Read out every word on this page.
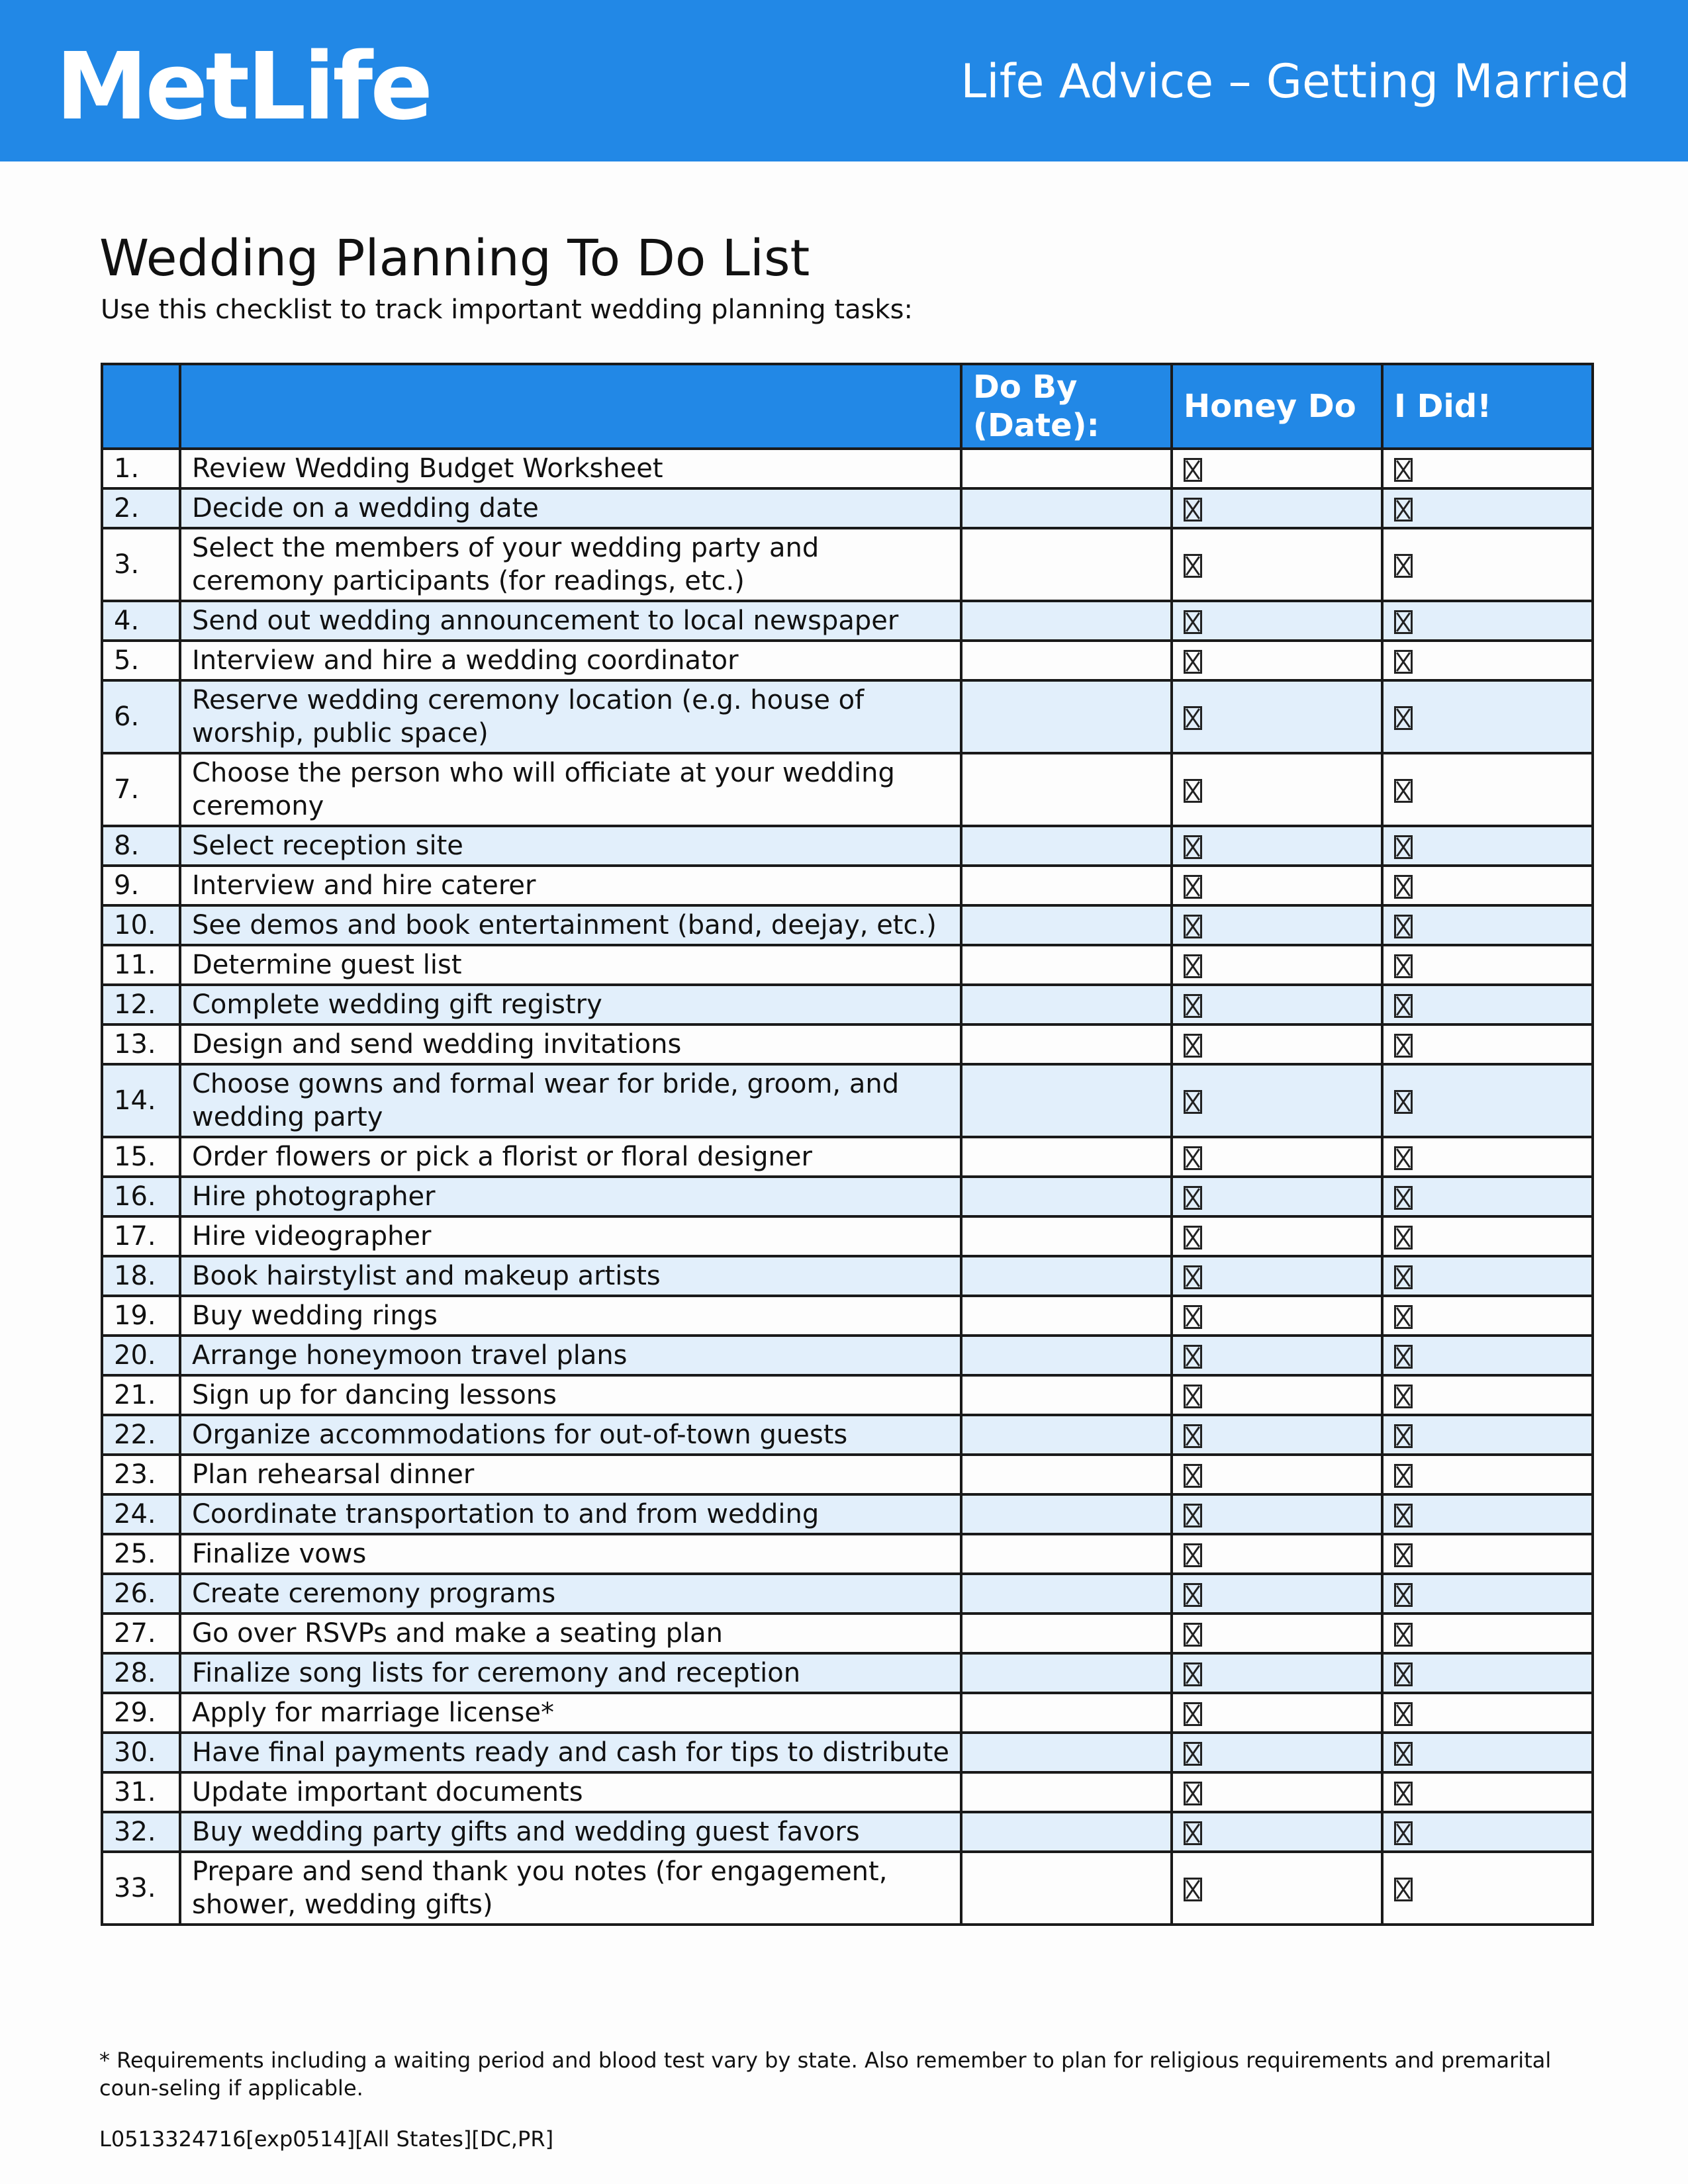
MetLife	Life Advice – Getting Married
Wedding Planning To Do List
Use this checklist to track important wedding planning tasks:
		Do By (Date):	Honey Do	I Did!
1.	Review Wedding Budget Worksheet			
2.	Decide on a wedding date			
3.	Select the members of your wedding party and ceremony participants (for readings, etc.)			
4.	Send out wedding announcement to local newspaper			
5.	Interview and hire a wedding coordinator			
6.	Reserve wedding ceremony location (e.g. house of worship, public space)			
7.	Choose the person who will officiate at your wedding ceremony			
8.	Select reception site			
9.	Interview and hire caterer			
10.	See demos and book entertainment (band, deejay, etc.)			
11.	Determine guest list			
12.	Complete wedding gift registry			
13.	Design and send wedding invitations			
14.	Choose gowns and formal wear for bride, groom, and wedding party			
15.	Order flowers or pick a florist or floral designer			
16.	Hire photographer			
17.	Hire videographer			
18.	Book hairstylist and makeup artists			
19.	Buy wedding rings			
20.	Arrange honeymoon travel plans			
21.	Sign up for dancing lessons			
22.	Organize accommodations for out-of-town guests			
23.	Plan rehearsal dinner			
24.	Coordinate transportation to and from wedding			
25.	Finalize vows			
26.	Create ceremony programs			
27.	Go over RSVPs and make a seating plan			
28.	Finalize song lists for ceremony and reception			
29.	Apply for marriage license*			
30.	Have final payments ready and cash for tips to distribute			
31.	Update important documents			
32.	Buy wedding party gifts and wedding guest favors			
33.	Prepare and send thank you notes (for engagement, shower, wedding gifts)			
* Requirements including a waiting period and blood test vary by state. Also remember to plan for religious requirements and premarital coun-seling if applicable.
L0513324716[exp0514][All States][DC,PR]
